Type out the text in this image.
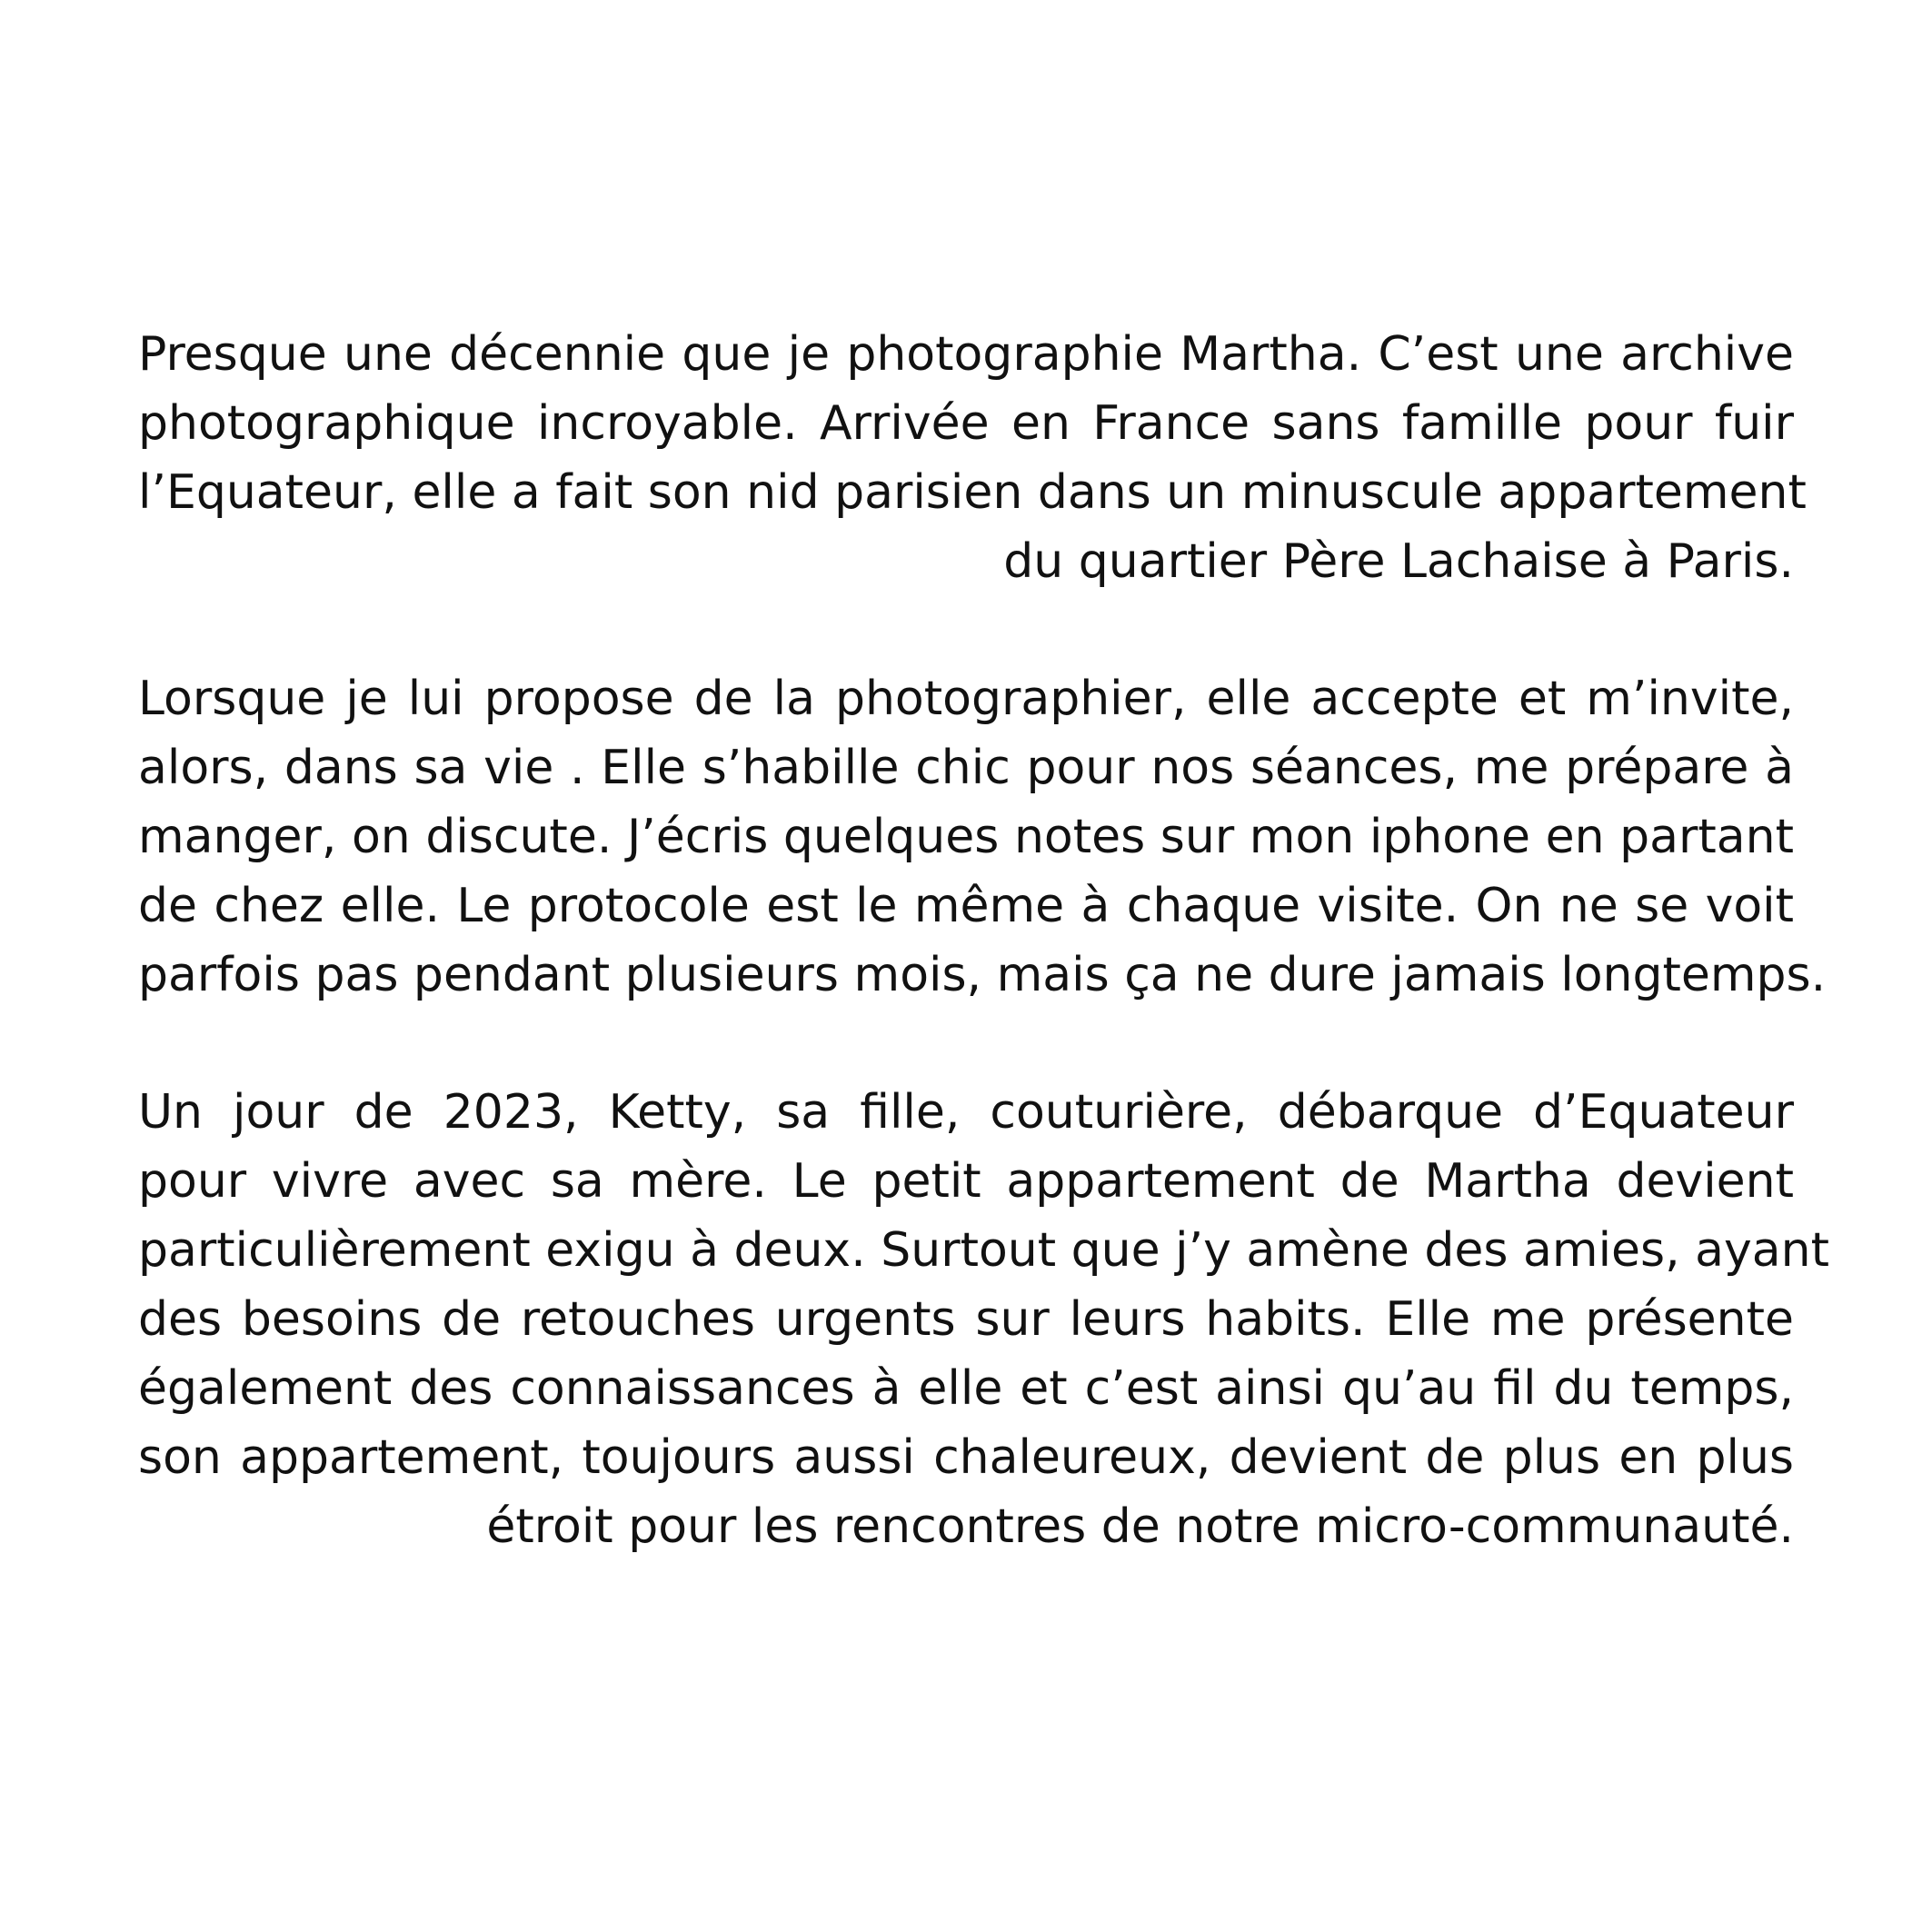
Presque une décennie que je photographie Martha. C’est une archive
photographique incroyable. Arrivée en France sans famille pour fuir
l’Equateur, elle a fait son nid parisien dans un minuscule appartement
du quartier Père Lachaise à Paris.
Lorsque je lui propose de la photographier, elle accepte et m’invite,
alors, dans sa vie . Elle s’habille chic pour nos séances, me prépare à
manger, on discute. J’écris quelques notes sur mon iphone en partant
de chez elle. Le protocole est le même à chaque visite. On ne se voit
parfois pas pendant plusieurs mois, mais ça ne dure jamais longtemps.
Un jour de 2023, Ketty, sa fille, couturière, débarque d’Equateur
pour vivre avec sa mère. Le petit appartement de Martha devient
particulièrement exigu à deux. Surtout que j’y amène des amies, ayant
des besoins de retouches urgents sur leurs habits. Elle me présente
également des connaissances à elle et c’est ainsi qu’au fil du temps,
son appartement, toujours aussi chaleureux, devient de plus en plus
étroit pour les rencontres de notre micro-communauté.
